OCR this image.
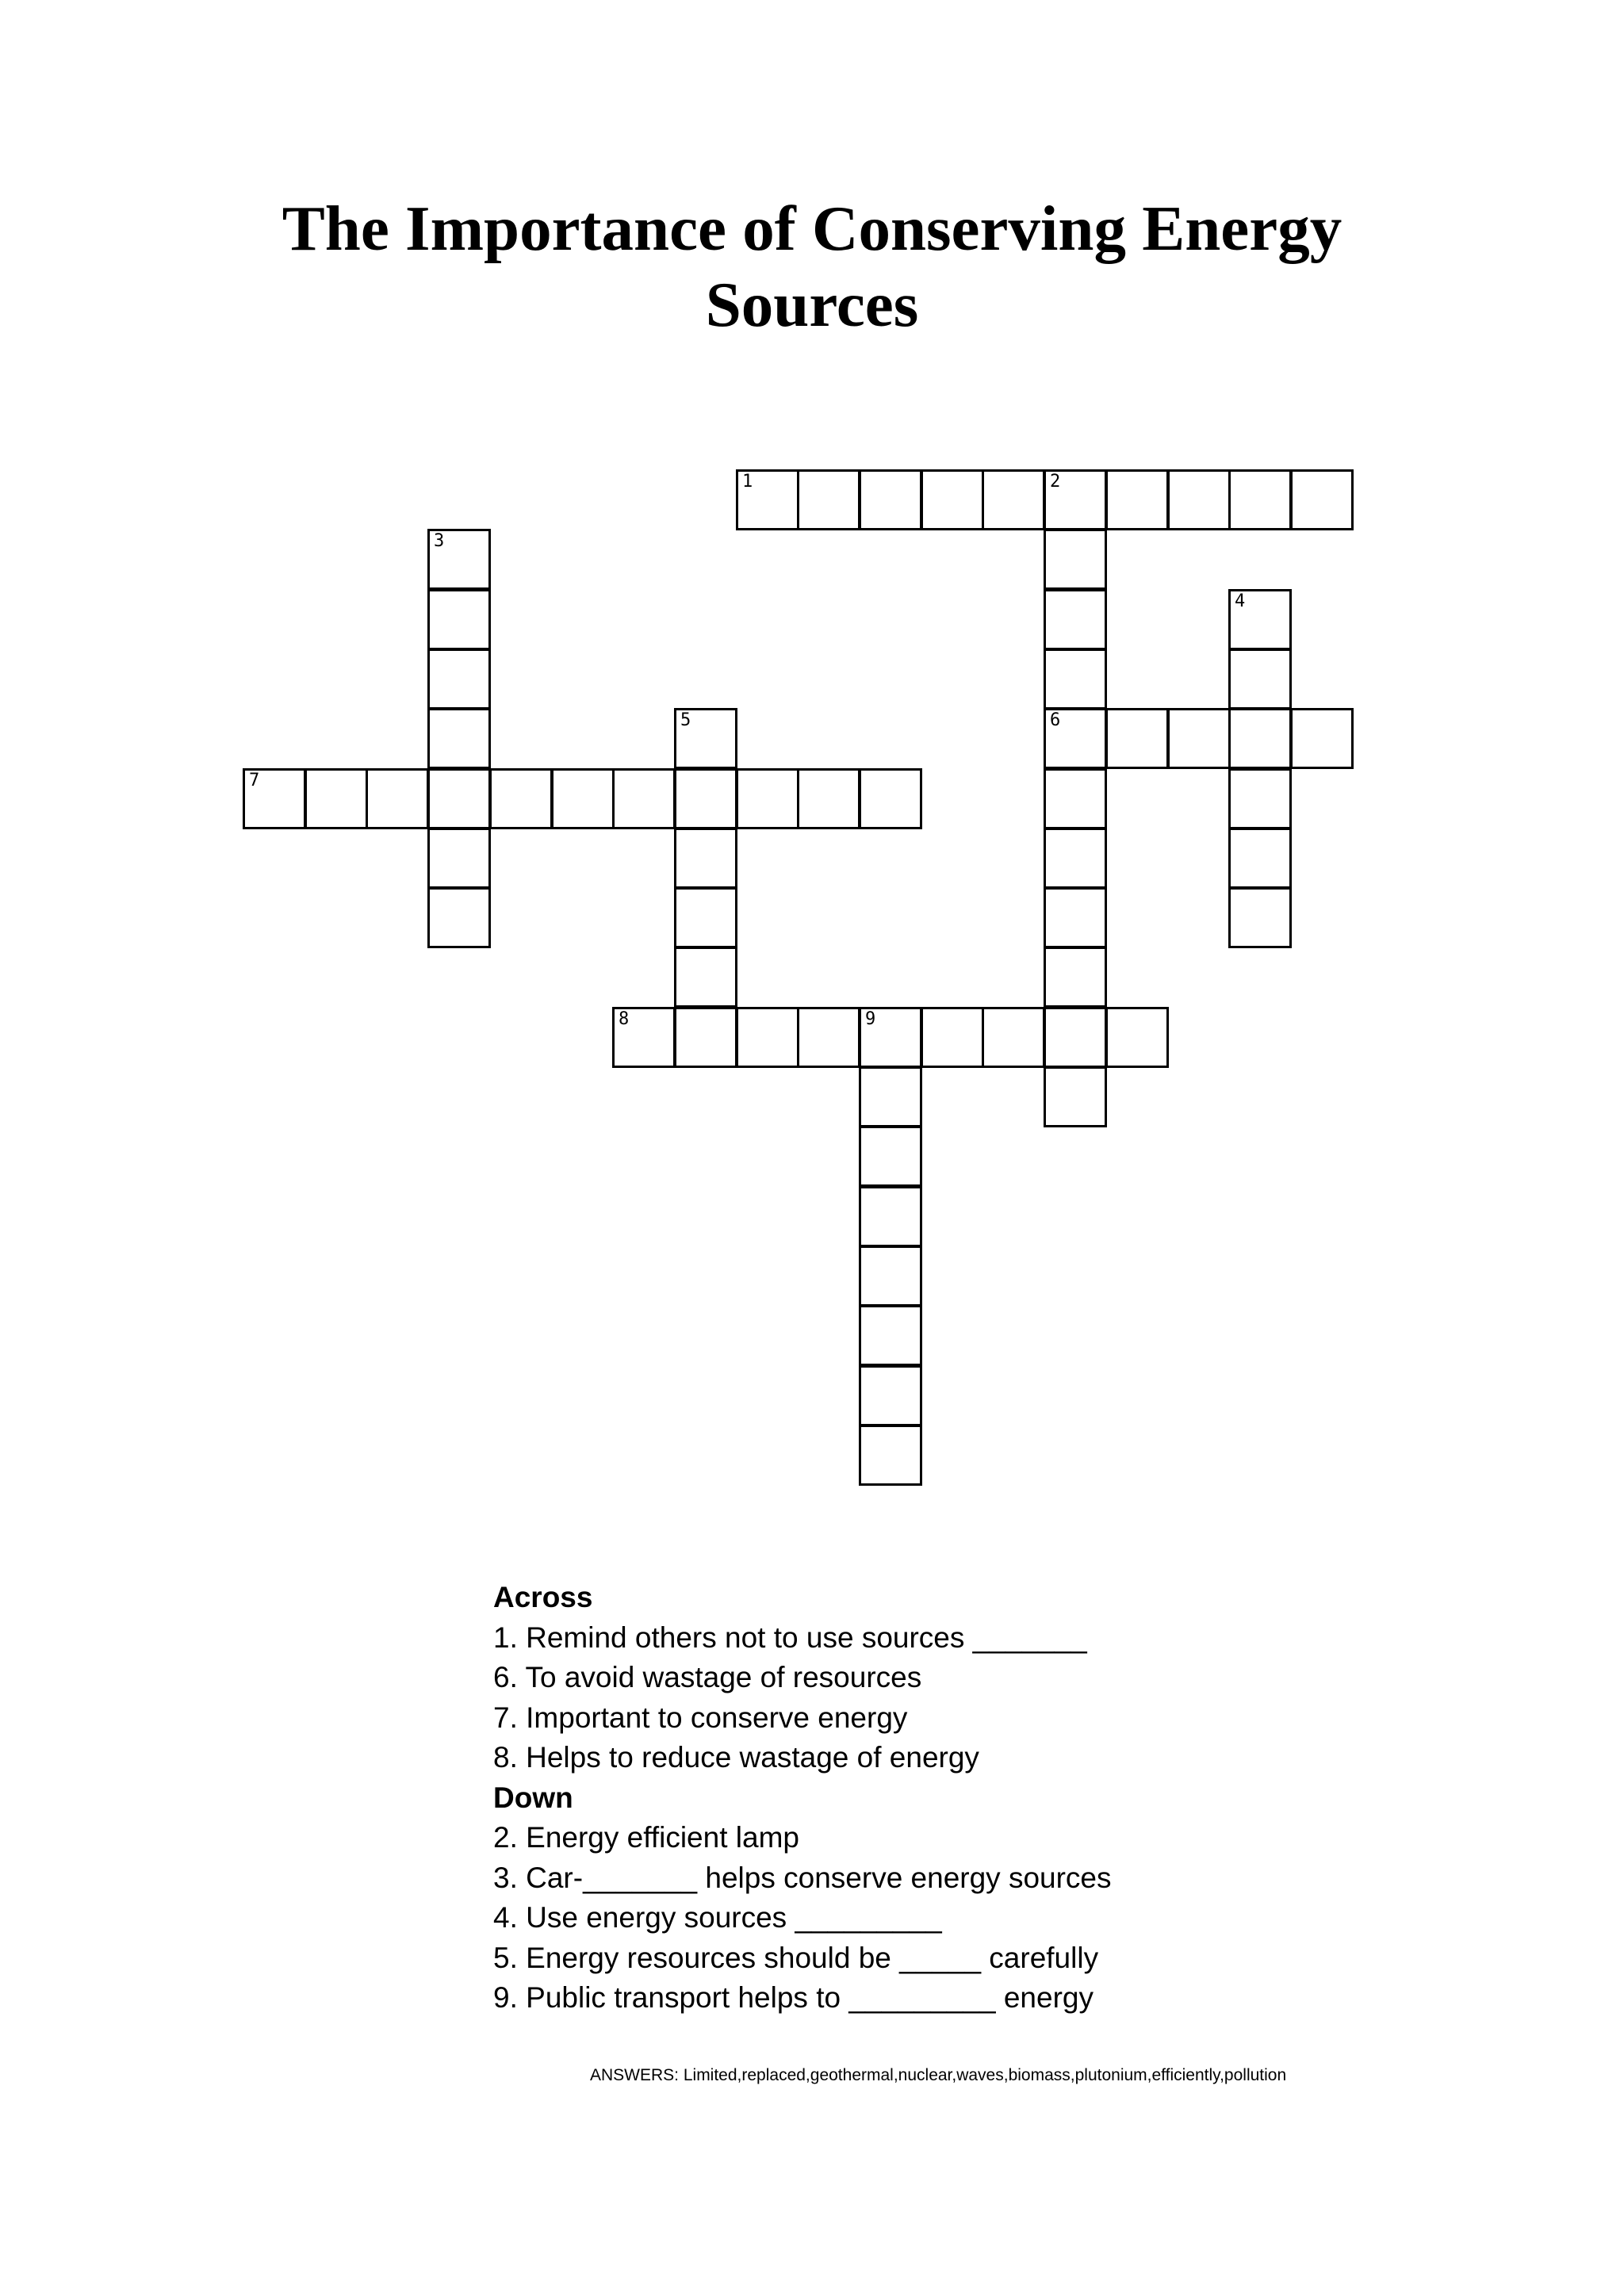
The Importance of Conserving Energy Sources
1	2
6
3
4
5
7
8	9
Across
1. Remind others not to use sources _______
6. To avoid wastage of resources
7. Important to conserve energy
8. Helps to reduce wastage of energy
Down
2. Energy efficient lamp
3. Car-_______ helps conserve energy sources
4. Use energy sources _________
5. Energy resources should be _____ carefully
9. Public transport helps to _________ energy
ANSWERS: Limited,replaced,geothermal,nuclear,waves,biomass,plutonium,efficiently,pollution
